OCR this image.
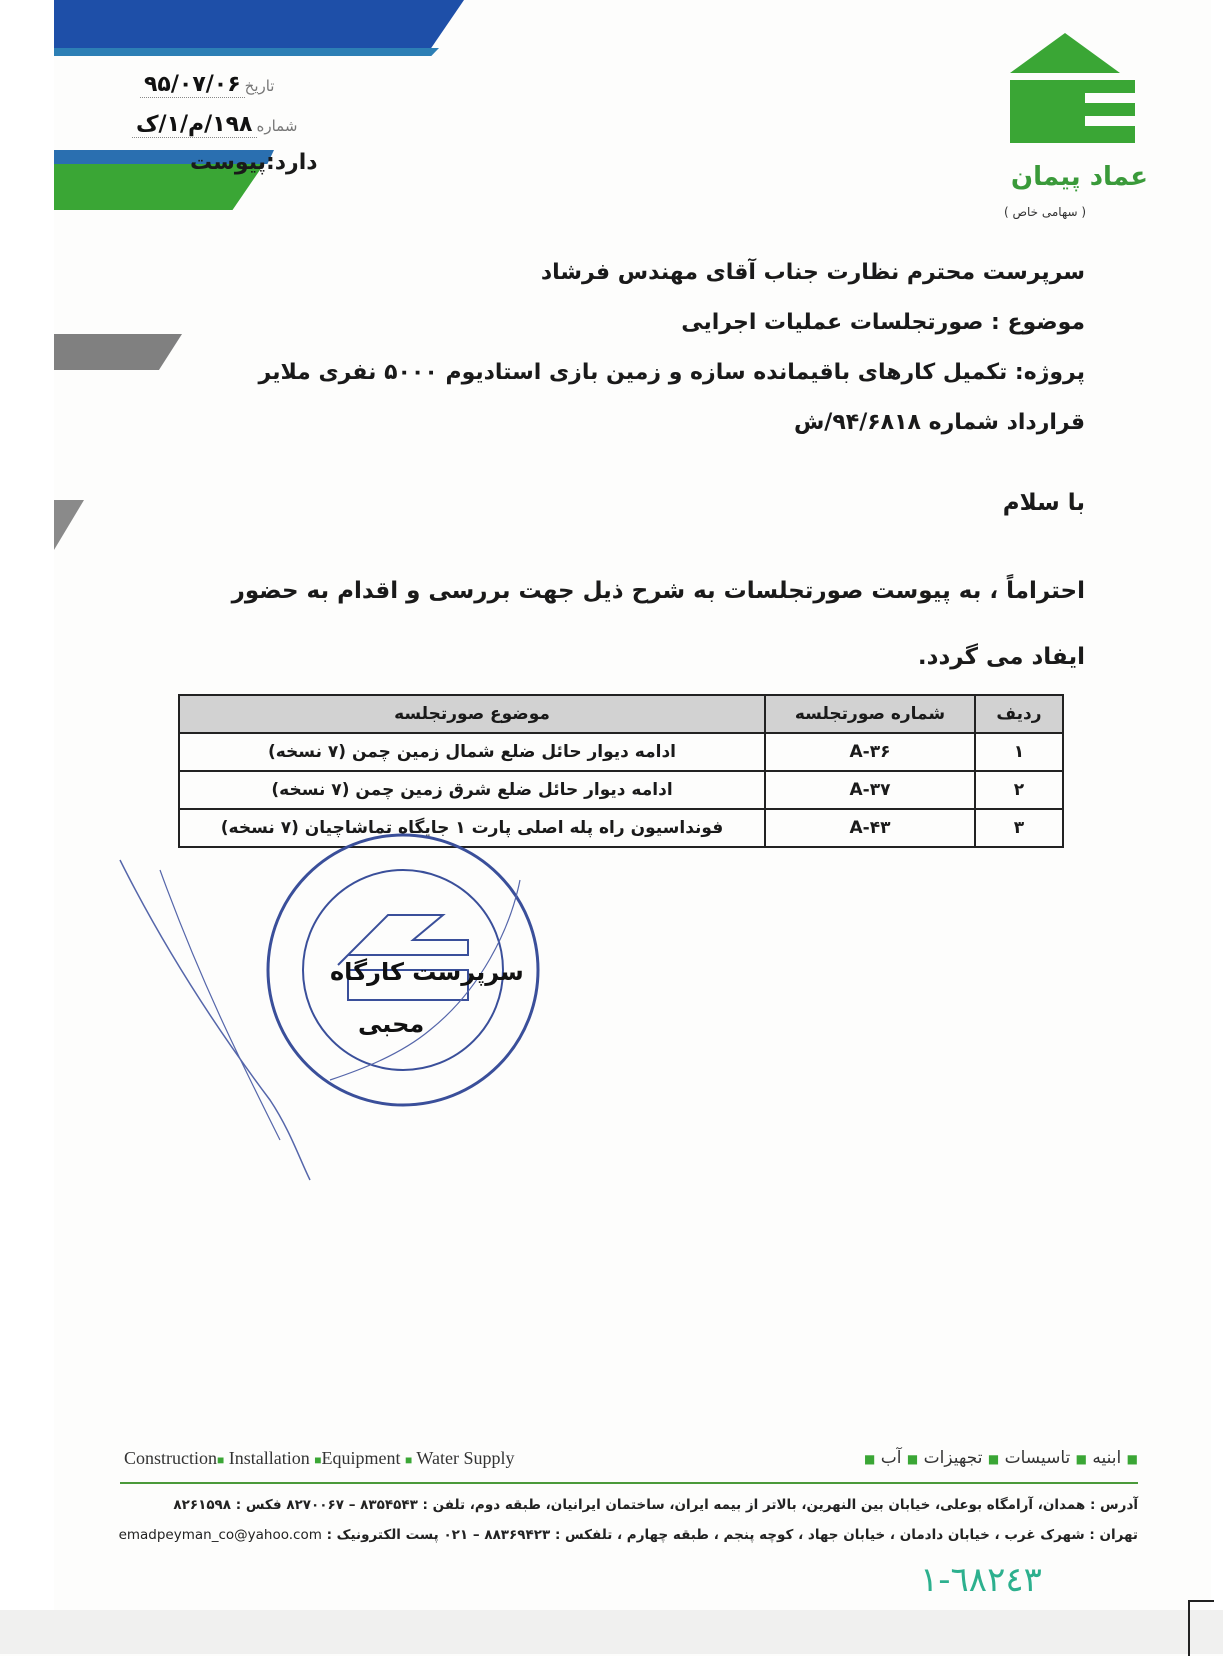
تاریخ
۹۵/۰۷/۰۶
شماره
۱۹۸/م/۱/ک
دارد:پیوست	عماد پیمان
( سهامی خاص )
سرپرست محترم نظارت جناب آقای مهندس فرشاد
موضوع : صورتجلسات عملیات اجرایی
پروژه: تکمیل کارهای باقیمانده سازه و زمین بازی استادیوم ۵۰۰۰ نفری ملایر
قرارداد شماره ۹۴/۶۸۱۸/ش
با سلام
احتراماً ، به پیوست صورتجلسات به شرح ذیل جهت بررسی و اقدام به حضور ایفاد می گردد.
ردیف	شماره صورتجلسه	موضوع صورتجلسه
۱	A-۳۶	ادامه دیوار حائل ضلع شمال زمین چمن (۷ نسخه)
۲	A-۳۷	ادامه دیوار حائل ضلع شرق زمین چمن (۷ نسخه)
۳	A-۴۳	فونداسیون راه پله اصلی پارت ۱ جایگاه تماشاچیان (۷ نسخه)
سرپرست کارگاه
محبی
Construction■ Installation ■Equipment ■ Water Supply	■ ابنیه ■ تاسیسات ■ تجهیزات ■ آب ■
آدرس : همدان، آرامگاه بوعلی، خیابان بین النهرین، بالاتر از بیمه ایران، ساختمان ایرانیان، طبقه دوم، تلفن : ۸۳۵۴۵۴۳ – ۸۲۷۰۰۶۷ فکس : ۸۲۶۱۵۹۸
تهران : شهرک غرب ، خیابان دادمان ، خیابان جهاد ، کوچه پنجم ، طبقه چهارم ، تلفکس : ۸۸۳۶۹۴۲۳ – ۰۲۱ پست الکترونیک : emadpeyman_co@yahoo.com
٦٨٢٤٣-١
